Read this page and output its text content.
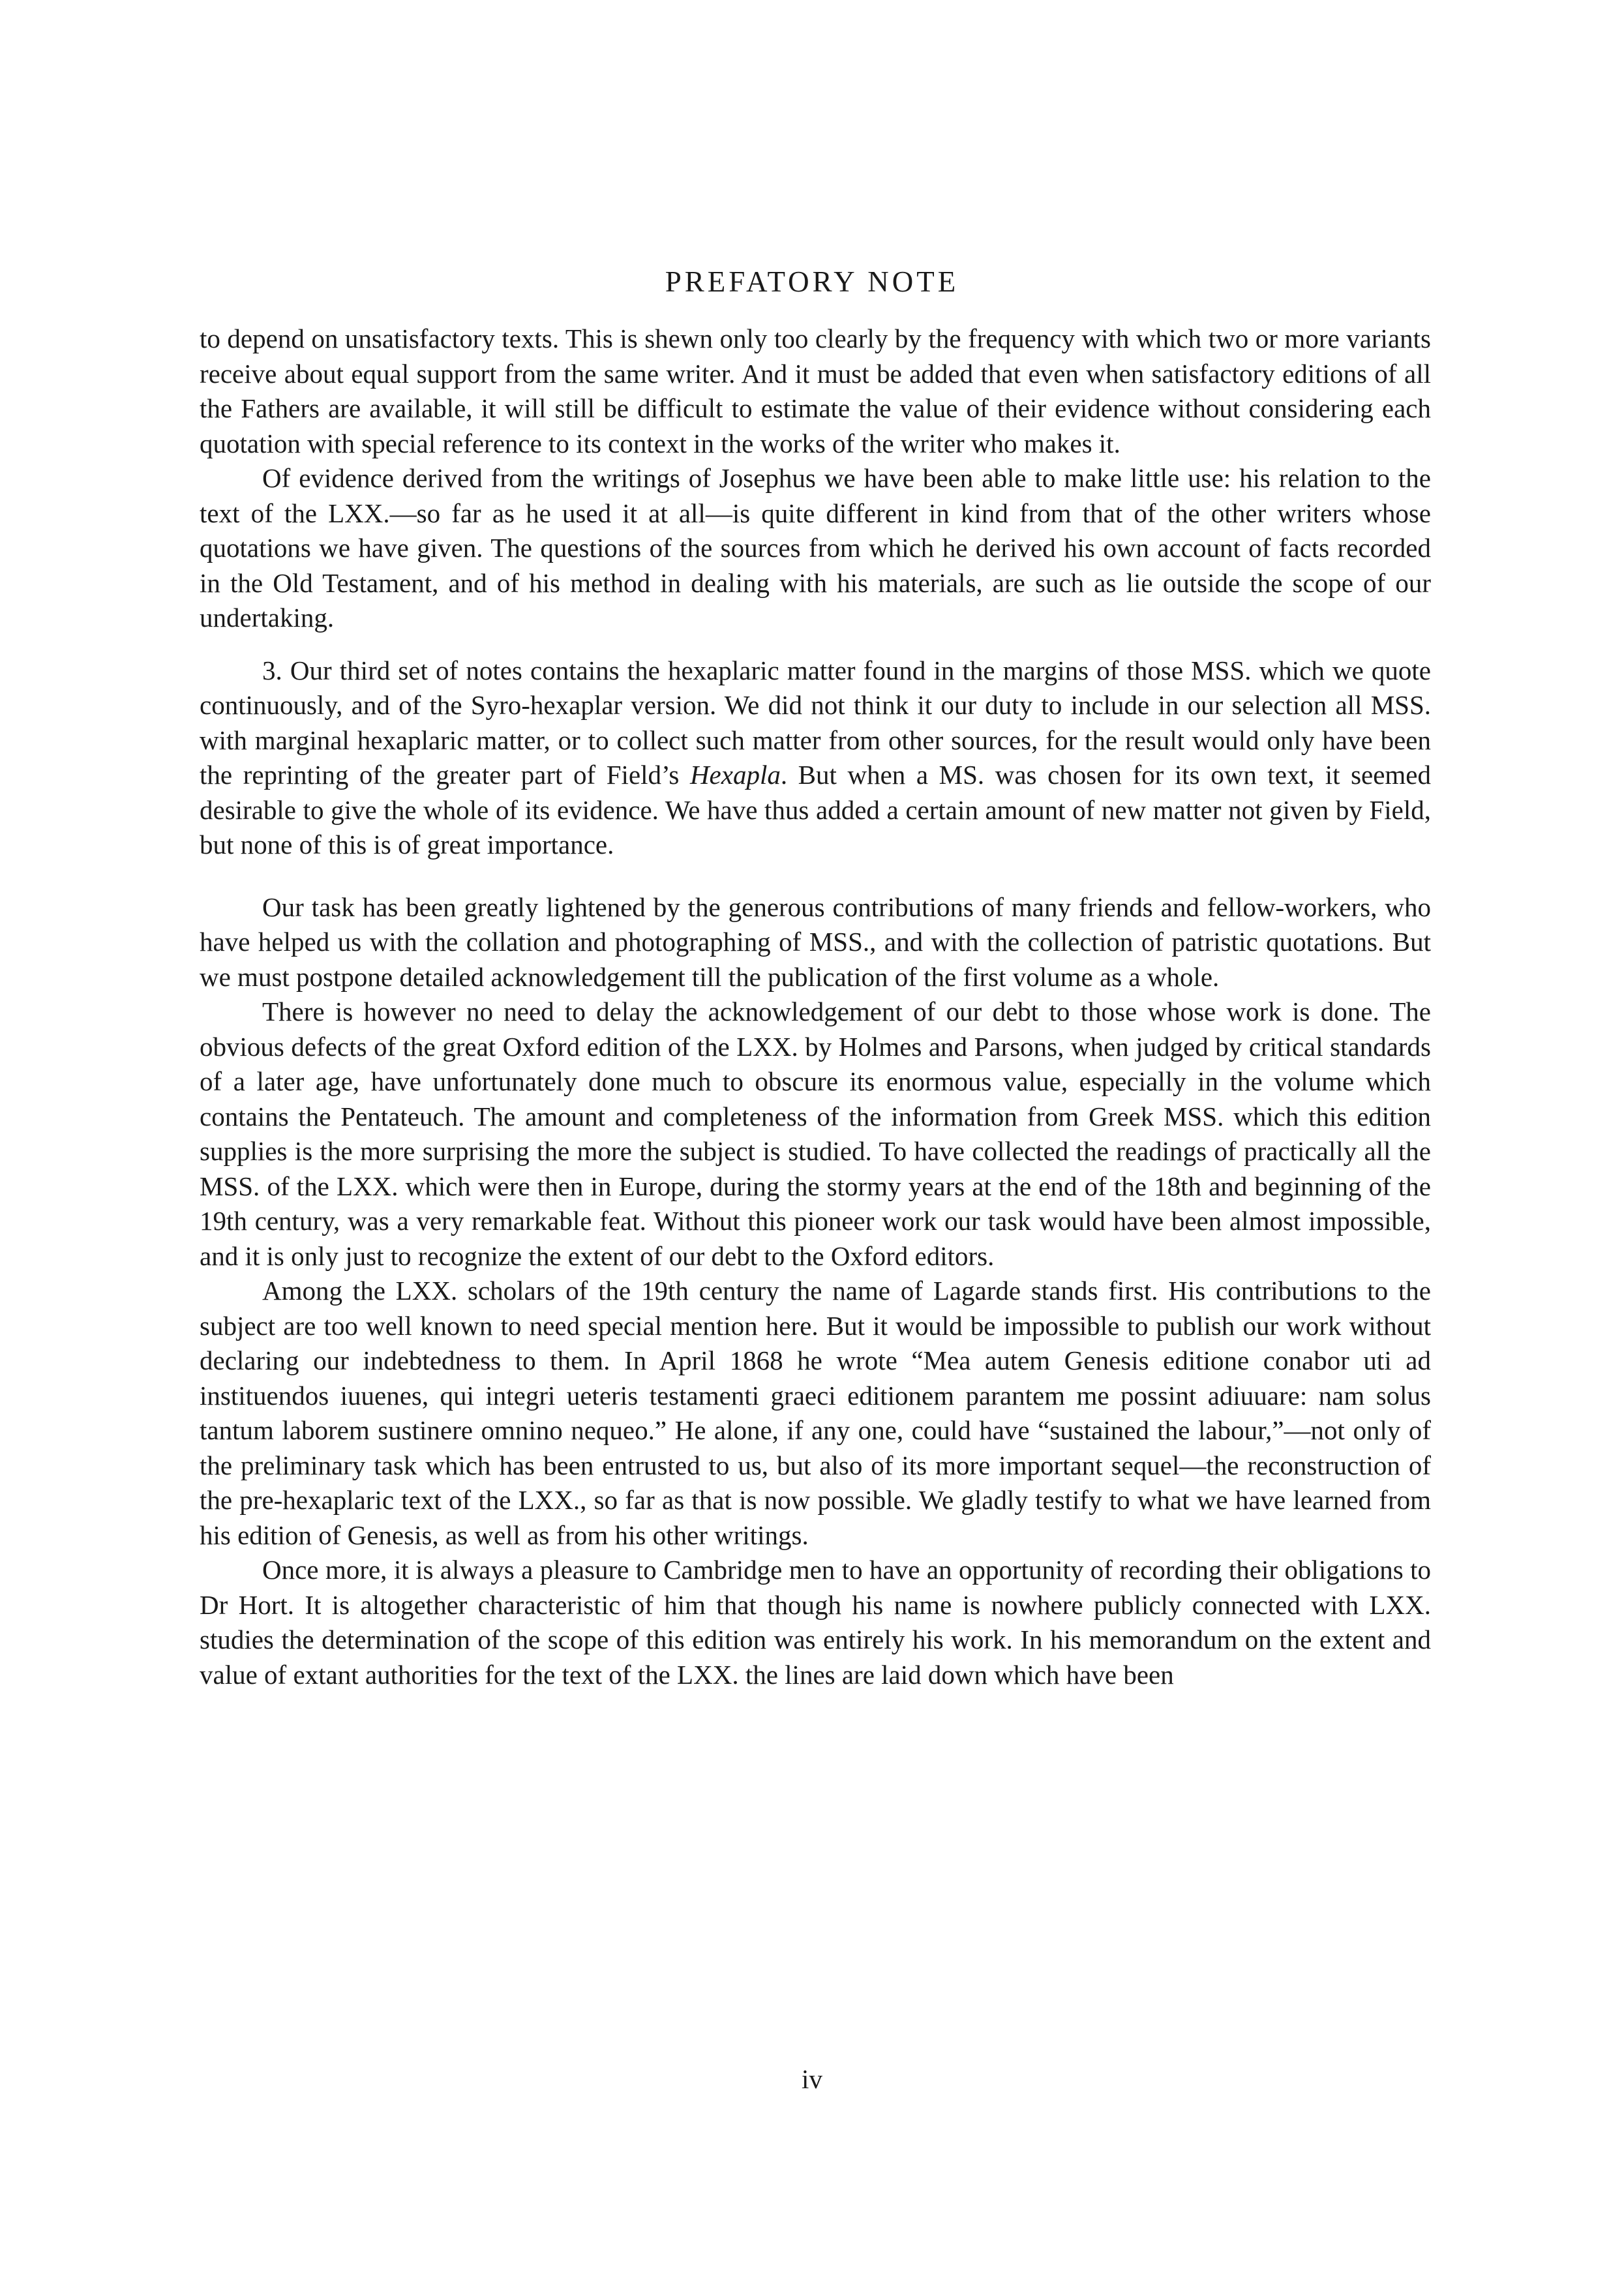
PREFATORY NOTE

to depend on unsatisfactory texts. This is shewn only too clearly by the frequency with which two or more variants receive about equal support from the same writer. And it must be added that even when satisfactory editions of all the Fathers are available, it will still be difficult to estimate the value of their evidence without considering each quotation with special reference to its context in the works of the writer who makes it.

Of evidence derived from the writings of Josephus we have been able to make little use: his relation to the text of the LXX.—so far as he used it at all—is quite different in kind from that of the other writers whose quotations we have given. The questions of the sources from which he derived his own account of facts recorded in the Old Testament, and of his method in dealing with his materials, are such as lie outside the scope of our undertaking.

3. Our third set of notes contains the hexaplaric matter found in the margins of those MSS. which we quote continuously, and of the Syro-hexaplar version. We did not think it our duty to include in our selection all MSS. with marginal hexaplaric matter, or to collect such matter from other sources, for the result would only have been the reprinting of the greater part of Field’s Hexapla. But when a MS. was chosen for its own text, it seemed desirable to give the whole of its evidence. We have thus added a certain amount of new matter not given by Field, but none of this is of great importance.

Our task has been greatly lightened by the generous contributions of many friends and fellow-workers, who have helped us with the collation and photographing of MSS., and with the collection of patristic quotations. But we must postpone detailed acknowledgement till the publication of the first volume as a whole.

There is however no need to delay the acknowledgement of our debt to those whose work is done. The obvious defects of the great Oxford edition of the LXX. by Holmes and Parsons, when judged by critical standards of a later age, have unfortunately done much to obscure its enormous value, especially in the volume which contains the Pentateuch. The amount and completeness of the information from Greek MSS. which this edition supplies is the more surprising the more the subject is studied. To have collected the readings of practically all the MSS. of the LXX. which were then in Europe, during the stormy years at the end of the 18th and beginning of the 19th century, was a very remarkable feat. Without this pioneer work our task would have been almost impossible, and it is only just to recognize the extent of our debt to the Oxford editors.

Among the LXX. scholars of the 19th century the name of Lagarde stands first. His contributions to the subject are too well known to need special mention here. But it would be impossible to publish our work without declaring our indebtedness to them. In April 1868 he wrote “Mea autem Genesis editione conabor uti ad instituendos iuuenes, qui integri ueteris testamenti graeci editionem parantem me possint adiuuare: nam solus tantum laborem sustinere omnino nequeo.” He alone, if any one, could have “sustained the labour,”—not only of the preliminary task which has been entrusted to us, but also of its more important sequel—the reconstruction of the pre-hexaplaric text of the LXX., so far as that is now possible. We gladly testify to what we have learned from his edition of Genesis, as well as from his other writings.

Once more, it is always a pleasure to Cambridge men to have an opportunity of recording their obligations to Dr Hort. It is altogether characteristic of him that though his name is nowhere publicly connected with LXX. studies the determination of the scope of this edition was entirely his work. In his memorandum on the extent and value of extant authorities for the text of the LXX. the lines are laid down which have been

iv
